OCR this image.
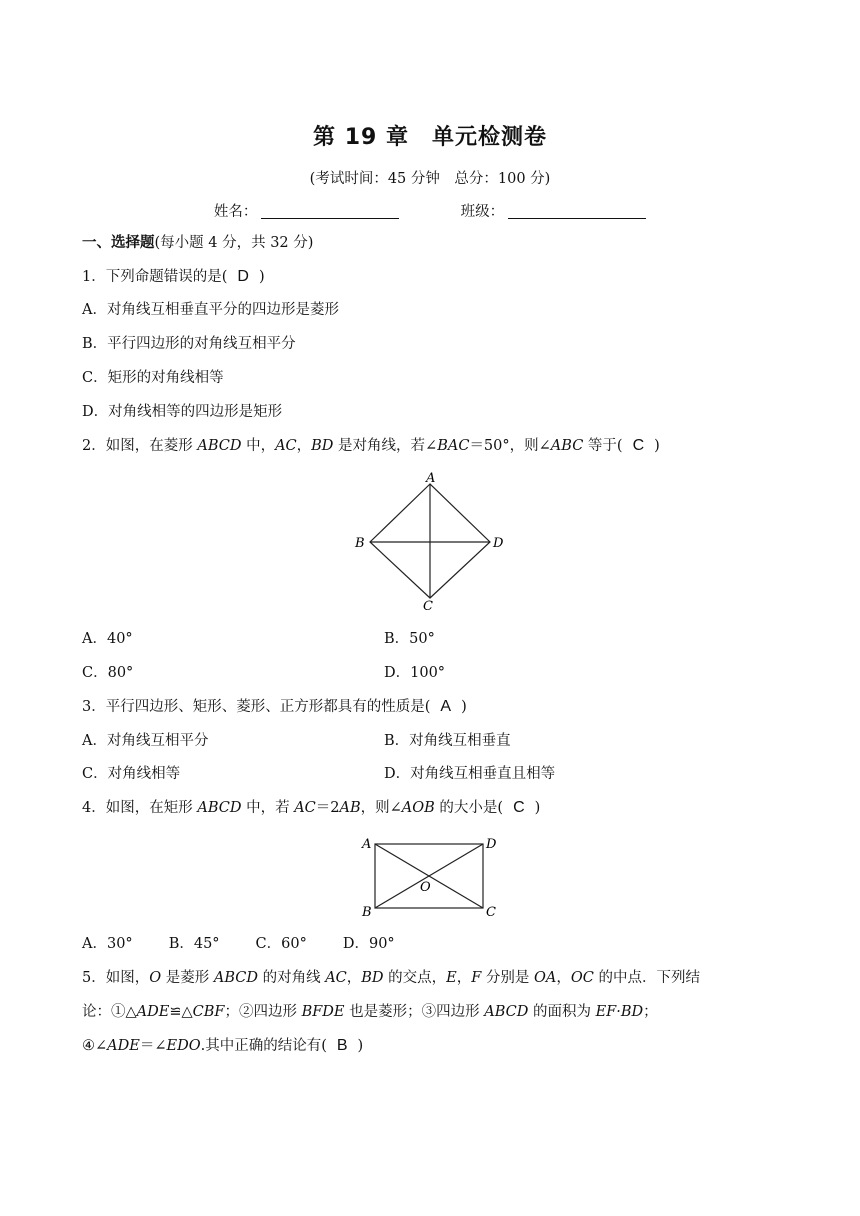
第 19 章　单元检测卷
(考试时间：45 分钟　总分：100 分)
姓名：	班级：
一、选择题(每小题 4 分，共 32 分)
1．下列命题错误的是( D )
A．对角线互相垂直平分的四边形是菱形
B．平行四边形的对角线互相平分
C．矩形的对角线相等
D．对角线相等的四边形是矩形
2．如图，在菱形 ABCD 中，AC，BD 是对角线，若∠BAC＝50°，则∠ABC 等于( C )
A
B
C
D
A．40°	B．50°
C．80°	D．100°
3．平行四边形、矩形、菱形、正方形都具有的性质是( A )
A．对角线互相平分	B．对角线互相垂直
C．对角线相等	D．对角线互相垂直且相等
4．如图，在矩形 ABCD 中，若 AC＝2AB，则∠AOB 的大小是( C )
A	D
B	C
O
A．30° B．45° C．60° D．90°
5．如图，O 是菱形 ABCD 的对角线 AC，BD 的交点，E，F 分别是 OA，OC 的中点．下列结
论：①△ADE≌△CBF；②四边形 BFDE 也是菱形；③四边形 ABCD 的面积为 EF·BD；
④∠ADE＝∠EDO.其中正确的结论有( B )
